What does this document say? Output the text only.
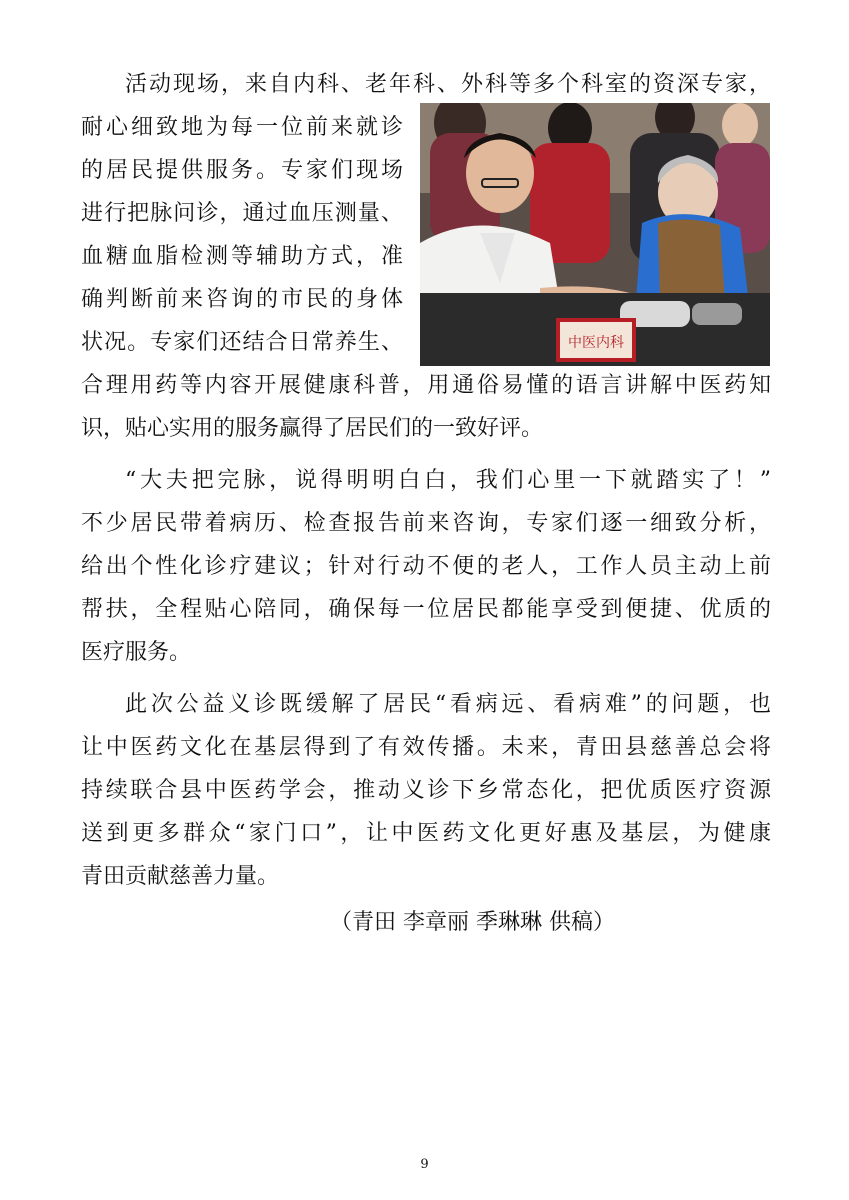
活动现场，来自内科、老年科、外科等多个科室的资深专家，
耐心细致地为每一位前来就诊
的居民提供服务。专家们现场
进行把脉问诊，通过血压测量、
血糖血脂检测等辅助方式，准
确判断前来咨询的市民的身体
状况。专家们还结合日常养生、
合理用药等内容开展健康科普，用通俗易懂的语言讲解中医药知
识，贴心实用的服务赢得了居民们的一致好评。
中医内科
“大夫把完脉，说得明明白白，我们心里一下就踏实了！”
不少居民带着病历、检查报告前来咨询，专家们逐一细致分析，
给出个性化诊疗建议；针对行动不便的老人，工作人员主动上前
帮扶，全程贴心陪同，确保每一位居民都能享受到便捷、优质的
医疗服务。
此次公益义诊既缓解了居民“看病远、看病难”的问题，也
让中医药文化在基层得到了有效传播。未来，青田县慈善总会将
持续联合县中医药学会，推动义诊下乡常态化，把优质医疗资源
送到更多群众“家门口”，让中医药文化更好惠及基层，为健康
青田贡献慈善力量。
（青田 李章丽 季琳琳 供稿）
9
